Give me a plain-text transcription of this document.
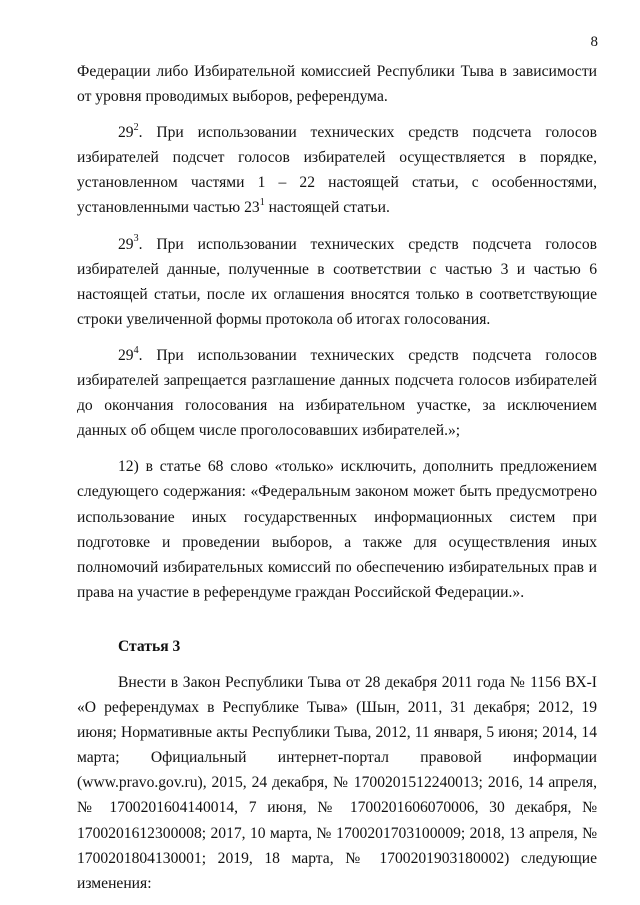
8

Федерации либо Избирательной комиссией Республики Тыва в зависимости от уровня проводимых выборов, референдума.

$29^2$. При использовании технических средств подсчета голосов избирателей подсчет голосов избирателей осуществляется в порядке, установленном частями 1 – 22 настоящей статьи, с особенностями, установленными частью $23^1$ настоящей статьи.

$29^3$. При использовании технических средств подсчета голосов избирателей данные, полученные в соответствии с частью 3 и частью 6 настоящей статьи, после их оглашения вносятся только в соответствующие строки увеличенной формы протокола об итогах голосования.

$29^4$. При использовании технических средств подсчета голосов избирателей запрещается разглашение данных подсчета голосов избирателей до окончания голосования на избирательном участке, за исключением данных об общем числе проголосовавших избирателей.»;

12) в статье 68 слово «только» исключить, дополнить предложением следующего содержания: «Федеральным законом может быть предусмотрено использование иных государственных информационных систем при подготовке и проведении выборов, а также для осуществления иных полномочий избирательных комиссий по обеспечению избирательных прав и права на участие в референдуме граждан Российской Федерации.».

Статья 3

Внести в Закон Республики Тыва от 28 декабря 2011 года № 1156 ВХ-I «О референдумах в Республике Тыва» (Шын, 2011, 31 декабря; 2012, 19 июня; Нормативные акты Республики Тыва, 2012, 11 января, 5 июня; 2014, 14 марта; Официальный интернет-портал правовой информации (www.pravo.gov.ru), 2015, 24 декабря, № 1700201512240013; 2016, 14 апреля, № 1700201604140014, 7 июня, № 1700201606070006, 30 декабря, № 1700201612300008; 2017, 10 марта, № 1700201703100009; 2018, 13 апреля, № 1700201804130001; 2019, 18 марта, № 1700201903180002) следующие изменения:
